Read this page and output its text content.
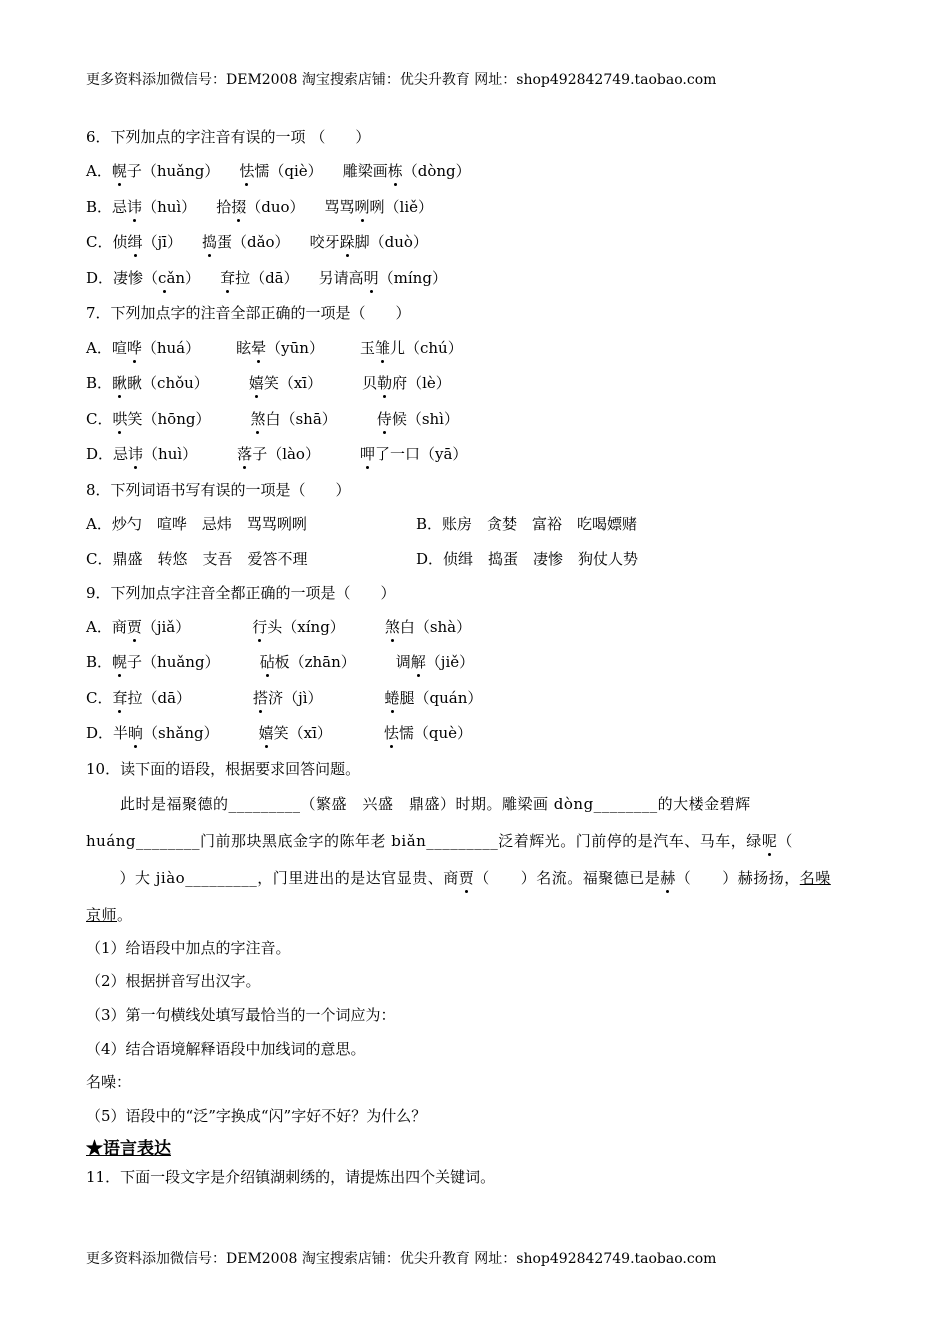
更多资料添加微信号：DEM2008 淘宝搜索店铺：优尖升教育 网址：shop492842749.taobao.com
6．下列加点的字注音有误的一项 （　　）
A．幌子（huǎng） 怯懦（qiè） 雕梁画栋（dòng）
B．忌讳（huì） 拾掇（duo） 骂骂咧咧（liě）
C．侦缉（jī） 捣蛋（dǎo） 咬牙跺脚（duò）
D．凄惨（cǎn） 耷拉（dā） 另请高明（míng）
7．下列加点字的注音全部正确的一项是（　　）
A．喧哗（huá） 眩晕（yūn） 玉雏儿（chú）
B．瞅瞅（chǒu）	嬉笑（xī）	贝勒府（lè）
C．哄笑（hōng）	煞白（shā）	侍候（shì）
D．忌讳（huì）	落子（lào）	呷了一口（yā）
8．下列词语书写有误的一项是（　　）
A．炒勺　喧哗　忌炜　骂骂咧咧	B．账房　贪婪　富裕　吃喝嫖赌
C．鼎盛　转悠　支吾　爱答不理	D．侦缉　捣蛋　凄惨　狗仗人势
9．下列加点字注音全都正确的一项是（　　）
A．商贾（jiǎ）	行头（xíng）	煞白（shà）
B．幌子（huǎng）	砧板（zhān）	调解（jiě）
C．耷拉（dā）	搭济（jì）	蜷腿（quán）
D．半晌（shǎng）	嬉笑（xī）	怯懦（què）
10．读下面的语段，根据要求回答问题。
此时是福聚德的_________（繁盛　兴盛　鼎盛）时期。雕梁画 dòng________的大楼金碧辉
huáng________门前那块黑底金字的陈年老 biǎn_________泛着辉光。门前停的是汽车、马车，绿呢（
　）大 jiào_________，门里进出的是达官显贵、商贾（　　）名流。福聚德已是赫（　　）赫扬扬，名噪
京师。
（1）给语段中加点的字注音。
（2）根据拼音写出汉字。
（3）第一句横线处填写最恰当的一个词应为：
（4）结合语境解释语段中加线词的意思。
名噪：
（5）语段中的“泛”字换成“闪”字好不好？为什么？
★语言表达
11．下面一段文字是介绍镇湖刺绣的，请提炼出四个关键词。
更多资料添加微信号：DEM2008 淘宝搜索店铺：优尖升教育 网址：shop492842749.taobao.com
